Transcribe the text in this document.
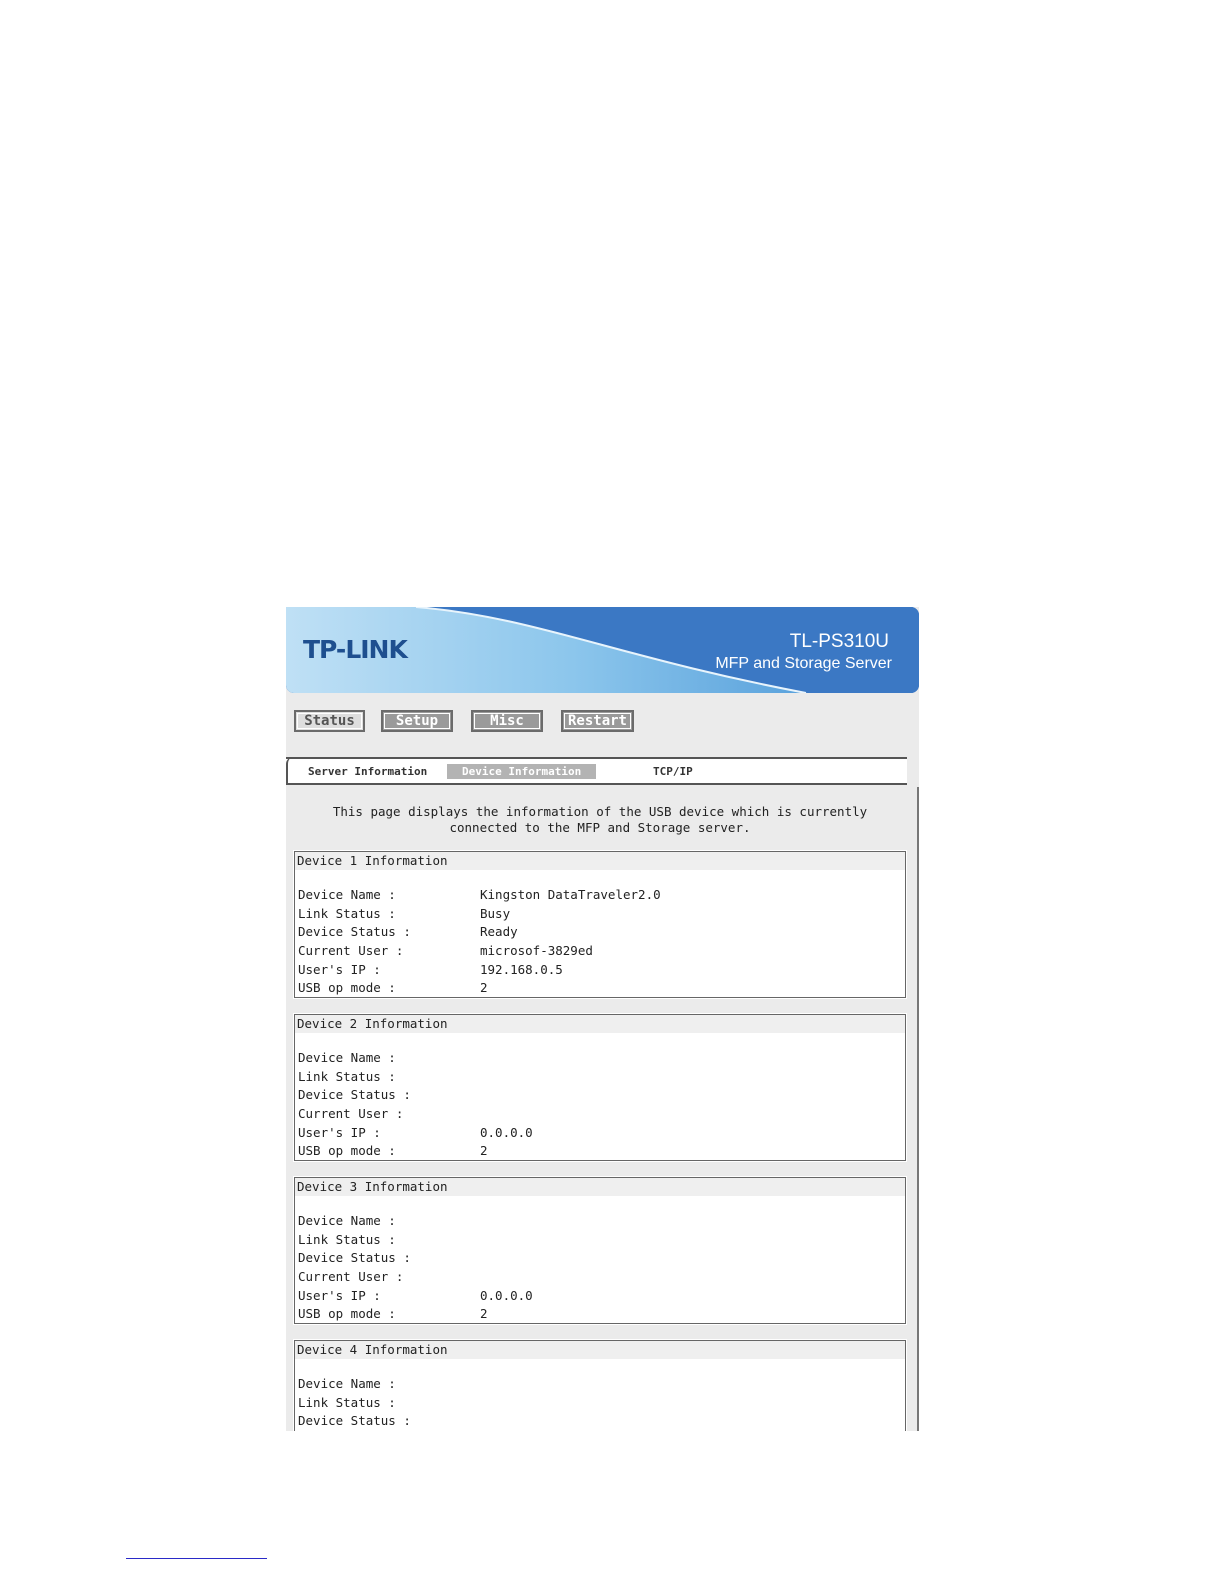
TP-LINK	TL-PS310U
MFP and Storage Server
Status	Setup	Misc	Restart
Server Information	Device Information	TCP/IP
This page displays the information of the USB device which is currently connected to the MFP and Storage server.
Device 1 Information
Device Name :	Kingston DataTraveler2.0
Link Status :	Busy
Device Status :	Ready
Current User :	microsof-3829ed
User's IP :	192.168.0.5
USB op mode :	2
Device 2 Information
Device Name :
Link Status :
Device Status :
Current User :
User's IP :	0.0.0.0
USB op mode :	2
Device 3 Information
Device Name :
Link Status :
Device Status :
Current User :
User's IP :	0.0.0.0
USB op mode :	2
Device 4 Information
Device Name :
Link Status :
Device Status :
